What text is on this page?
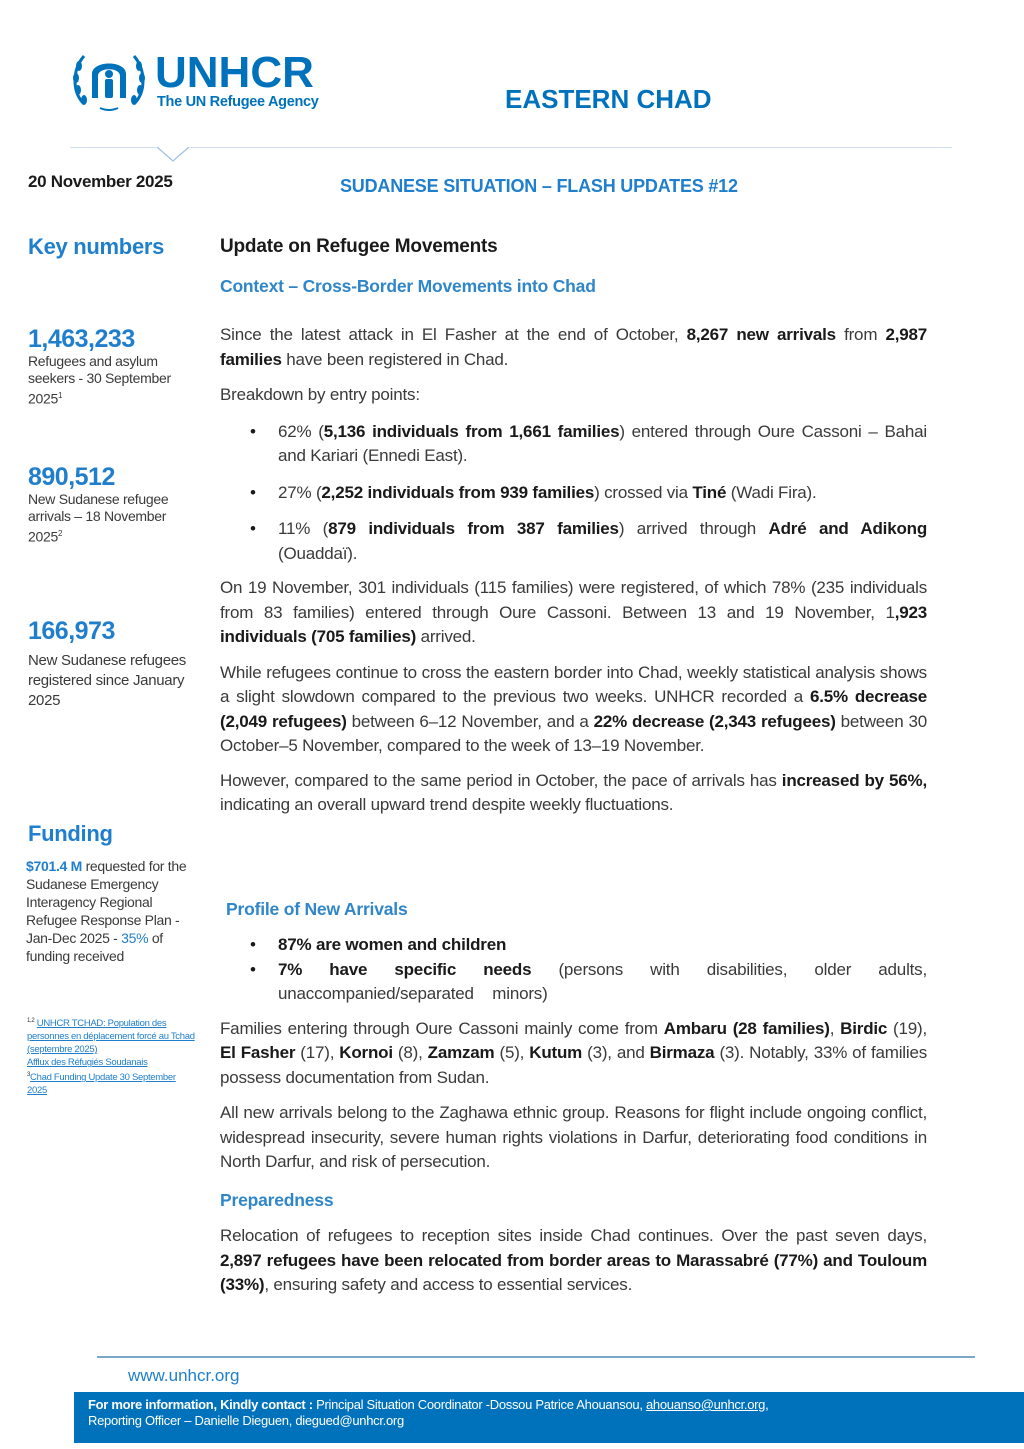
UNHCR
The UN Refugee Agency	EASTERN CHAD
20 November 2025	SUDANESE SITUATION – FLASH UPDATES #12
Key numbers
1,463,233
Refugees and asylum seekers - 30 September 2025$^1$
890,512
New Sudanese refugee arrivals – 18 November 2025$^2$
166,973
New Sudanese refugees registered since January 2025
Funding
$701.4 M requested for the Sudanese Emergency Interagency Regional Refugee Response Plan - Jan-Dec 2025 - 35% of funding received
$^{1,2}$ UNHCR TCHAD: Population des personnes en déplacement forcé au Tchad (septembre 2025)
Afflux des Réfugiés Soudanais
$^3$Chad Funding Update 30 September 2025
Update on Refugee Movements
Context – Cross-Border Movements into Chad

Since the latest attack in El Fasher at the end of October, 8,267 new arrivals from 2,987 families have been registered in Chad.

Breakdown by entry points:

• 62% (5,136 individuals from 1,661 families) entered through Oure Cassoni – Bahai and Kariari (Ennedi East).
• 27% (2,252 individuals from 939 families) crossed via Tiné (Wadi Fira).
• 11% (879 individuals from 387 families) arrived through Adré and Adikong (Ouaddaï).

On 19 November, 301 individuals (115 families) were registered, of which 78% (235 individuals from 83 families) entered through Oure Cassoni. Between 13 and 19 November, 1,923 individuals (705 families) arrived.

While refugees continue to cross the eastern border into Chad, weekly statistical analysis shows a slight slowdown compared to the previous two weeks. UNHCR recorded a 6.5% decrease (2,049 refugees) between 6–12 November, and a 22% decrease (2,343 refugees) between 30 October–5 November, compared to the week of 13–19 November.

However, compared to the same period in October, the pace of arrivals has increased by 56%, indicating an overall upward trend despite weekly fluctuations.

Profile of New Arrivals
• 87% are women and children
• 7% have specific needs (persons with disabilities, older adults, unaccompanied/separated minors)

Families entering through Oure Cassoni mainly come from Ambaru (28 families), Birdic (19), El Fasher (17), Kornoi (8), Zamzam (5), Kutum (3), and Birmaza (3). Notably, 33% of families possess documentation from Sudan.

All new arrivals belong to the Zaghawa ethnic group. Reasons for flight include ongoing conflict, widespread insecurity, severe human rights violations in Darfur, deteriorating food conditions in North Darfur, and risk of persecution.

Preparedness

Relocation of refugees to reception sites inside Chad continues. Over the past seven days, 2,897 refugees have been relocated from border areas to Marassabré (77%) and Touloum (33%), ensuring safety and access to essential services.

www.unhcr.org
For more information, Kindly contact : Principal Situation Coordinator -Dossou Patrice Ahouansou, ahouanso@unhcr.org,
Reporting Officer – Danielle Dieguen, diegued@unhcr.org
